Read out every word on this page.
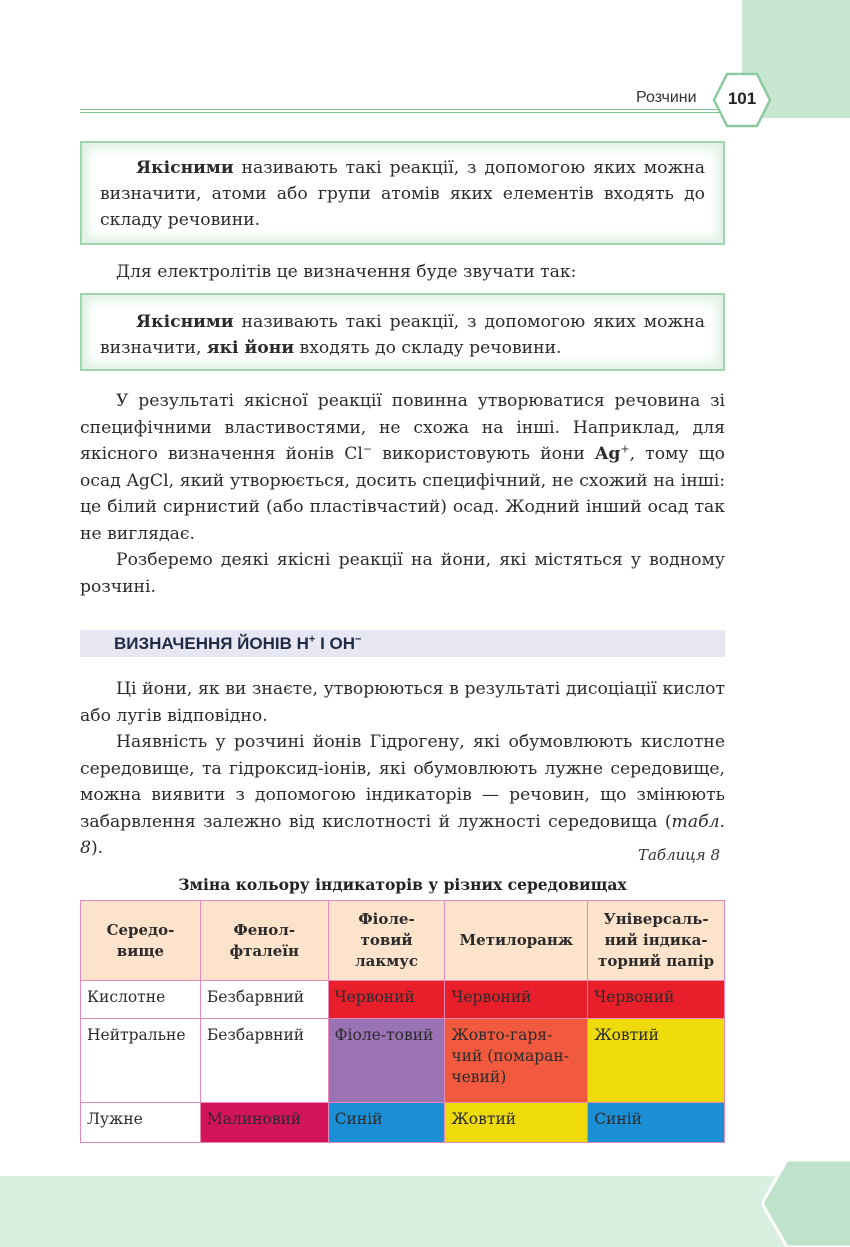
Розчини	101

Якісними називають такі реакції, з допомогою яких можна визначити, атоми або групи атомів яких елементів входять до складу речовини.

Для електролітів це визначення буде звучати так:

Якісними називають такі реакції, з допомогою яких можна визначити, які йони входять до складу речовини.

У результаті якісної реакції повинна утворюватися речовина зі специфічними властивостями, не схожа на інші. Наприклад, для якісного визначення йонів Cl− використовують йони Ag+, тому що осад AgCl, який утворюється, досить специфічний, не схожий на інші: це білий сирнистий (або пластівчастий) осад. Жодний інший осад так не виглядає.

Розберемо деякі якісні реакції на йони, які містяться у водному розчині.

ВИЗНАЧЕННЯ ЙОНІВ Н+ І ОН−

Ці йони, як ви знаєте, утворюються в результаті дисоціації кислот або лугів відповідно.

Наявність у розчині йонів Гідрогену, які обумовлюють кислотне середовище, та гідроксид-іонів, які обумовлюють лужне середовище, можна виявити з допомогою індикаторів — речовин, що змінюють забарвлення залежно від кислотності й лужності середовища (табл. 8).	Таблиця 8
Зміна кольору індикаторів у різних середовищах
Середо-вище	Фенол-фталеїн	Фіоле-товий лакмус	Метилоранж	Універсаль-ний індика-торний папір
Кислотне	Безбарвний	Червоний	Червоний	Червоний
Нейтральне	Безбарвний	Фіоле-товий	Жовто-гаря-чий (помаран-чевий)	Жовтий
Лужне	Малиновий	Синій	Жовтий	Синій
